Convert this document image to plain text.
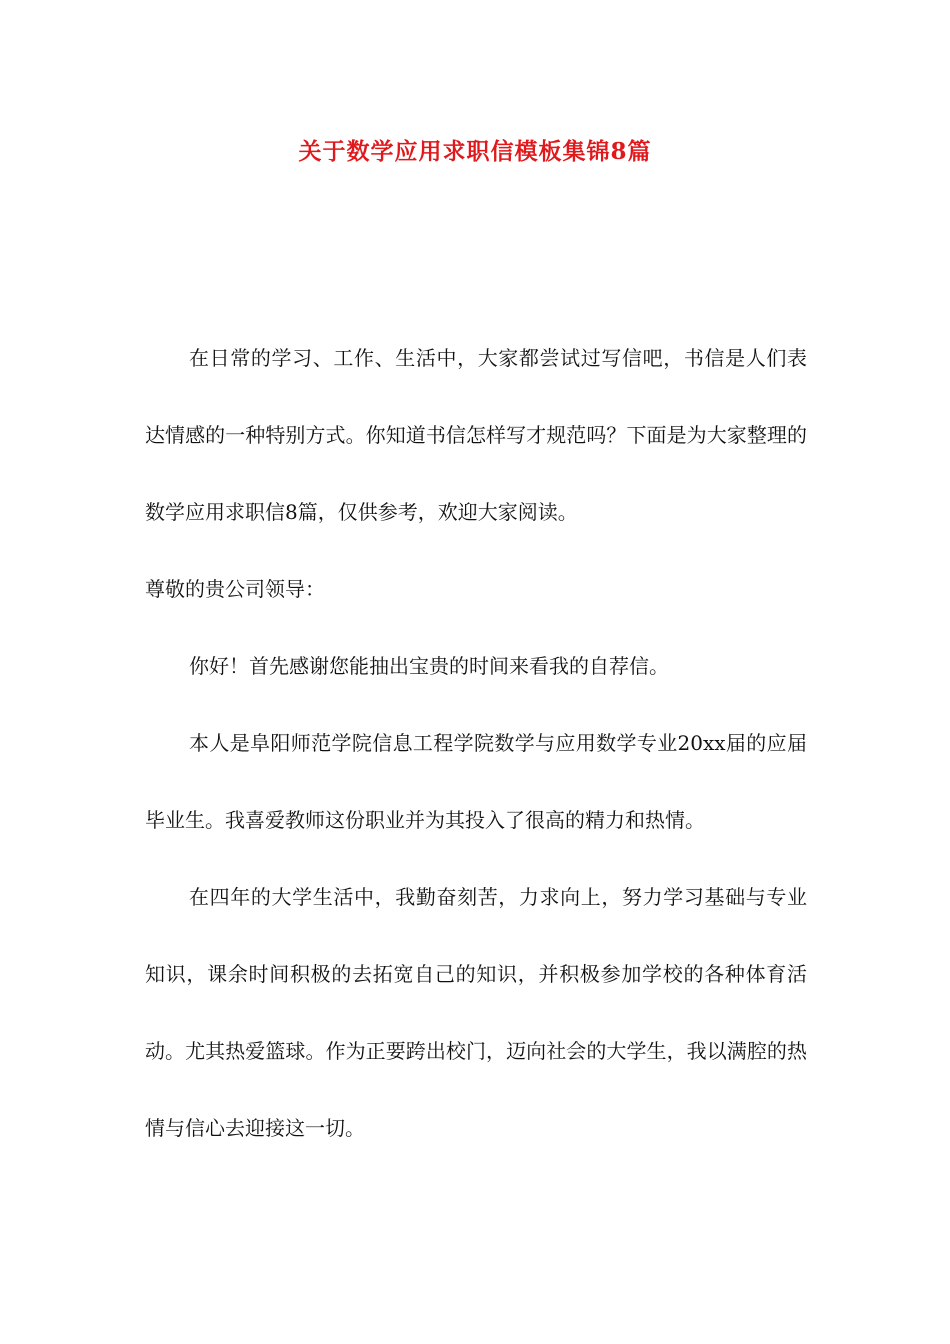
关于数学应用求职信模板集锦8篇

在日常的学习、工作、生活中，大家都尝试过写信吧，书信是人们表达情感的一种特别方式。你知道书信怎样写才规范吗？下面是为大家整理的数学应用求职信8篇，仅供参考，欢迎大家阅读。

尊敬的贵公司领导：

你好！首先感谢您能抽出宝贵的时间来看我的自荐信。

本人是阜阳师范学院信息工程学院数学与应用数学专业20xx届的应届毕业生。我喜爱教师这份职业并为其投入了很高的精力和热情。

在四年的大学生活中，我勤奋刻苦，力求向上，努力学习基础与专业知识，课余时间积极的去拓宽自己的知识，并积极参加学校的各种体育活动。尤其热爱篮球。作为正要跨出校门，迈向社会的大学生，我以满腔的热情与信心去迎接这一切。
